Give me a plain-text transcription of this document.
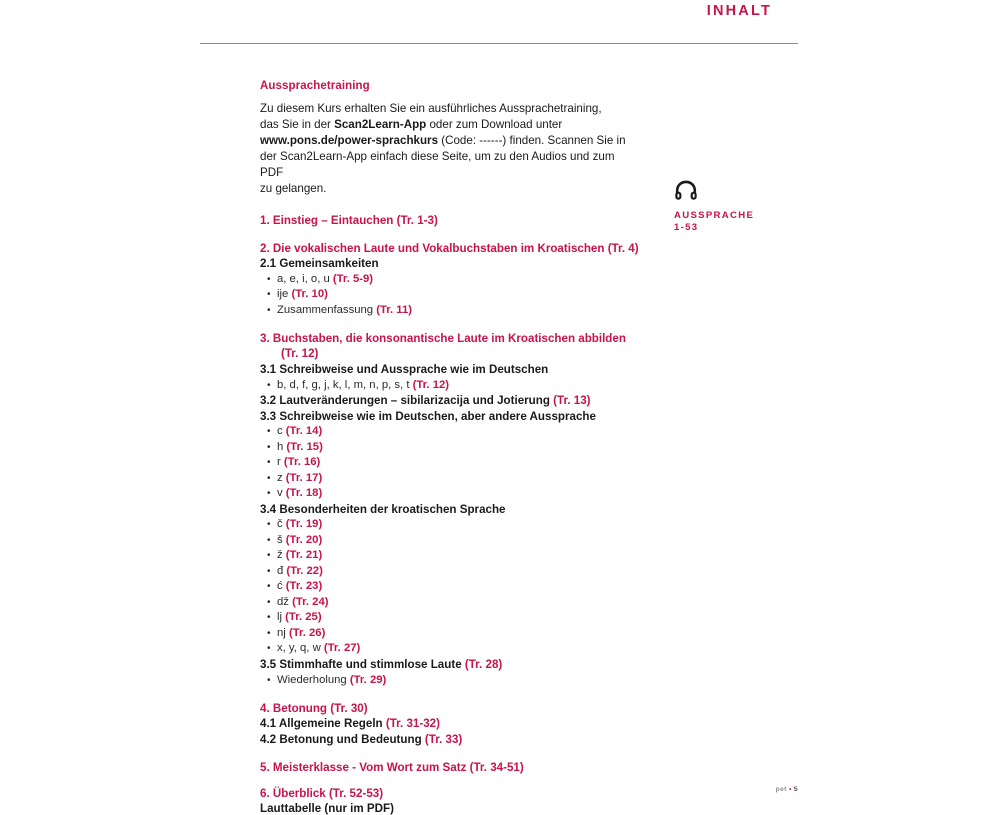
INHALT

Aussprachetraining

Zu diesem Kurs erhalten Sie ein ausführliches Aussprachetraining,
das Sie in der Scan2Learn-App oder zum Download unter
www.pons.de/power-sprachkurs (Code: ------) finden. Scannen Sie in
der Scan2Learn-App einfach diese Seite, um zu den Audios und zum PDF
zu gelangen.

1. Einstieg – Eintauchen (Tr. 1-3)

2. Die vokalischen Laute und Vokalbuchstaben im Kroatischen (Tr. 4)

2.1 Gemeinsamkeiten

• a, e, i, o, u (Tr. 5-9)

• ije (Tr. 10)

• Zusammenfassung (Tr. 11)

3. Buchstaben, die konsonantische Laute im Kroatischen abbilden
(Tr. 12)

3.1 Schreibweise und Aussprache wie im Deutschen

• b, d, f, g, j, k, l, m, n, p, s, t (Tr. 12)

3.2 Lautveränderungen – sibilarizacija und Jotierung (Tr. 13)

3.3 Schreibweise wie im Deutschen, aber andere Aussprache

• c (Tr. 14)

• h (Tr. 15)

• r (Tr. 16)

• z (Tr. 17)

• v (Tr. 18)

3.4 Besonderheiten der kroatischen Sprache

• č (Tr. 19)

• š (Tr. 20)

• ž (Tr. 21)

• đ (Tr. 22)

• ć (Tr. 23)

• dž (Tr. 24)

• lj (Tr. 25)

• nj (Tr. 26)

• x, y, q, w (Tr. 27)

3.5 Stimmhafte und stimmlose Laute (Tr. 28)

• Wiederholung (Tr. 29)

4. Betonung (Tr. 30)

4.1 Allgemeine Regeln (Tr. 31-32)

4.2 Betonung und Bedeutung (Tr. 33)

5. Meisterklasse - Vom Wort zum Satz (Tr. 34-51)

6. Überblick (Tr. 52-53)

Lauttabelle (nur im PDF)

AUSSPRACHE
1-53
pet • 5
